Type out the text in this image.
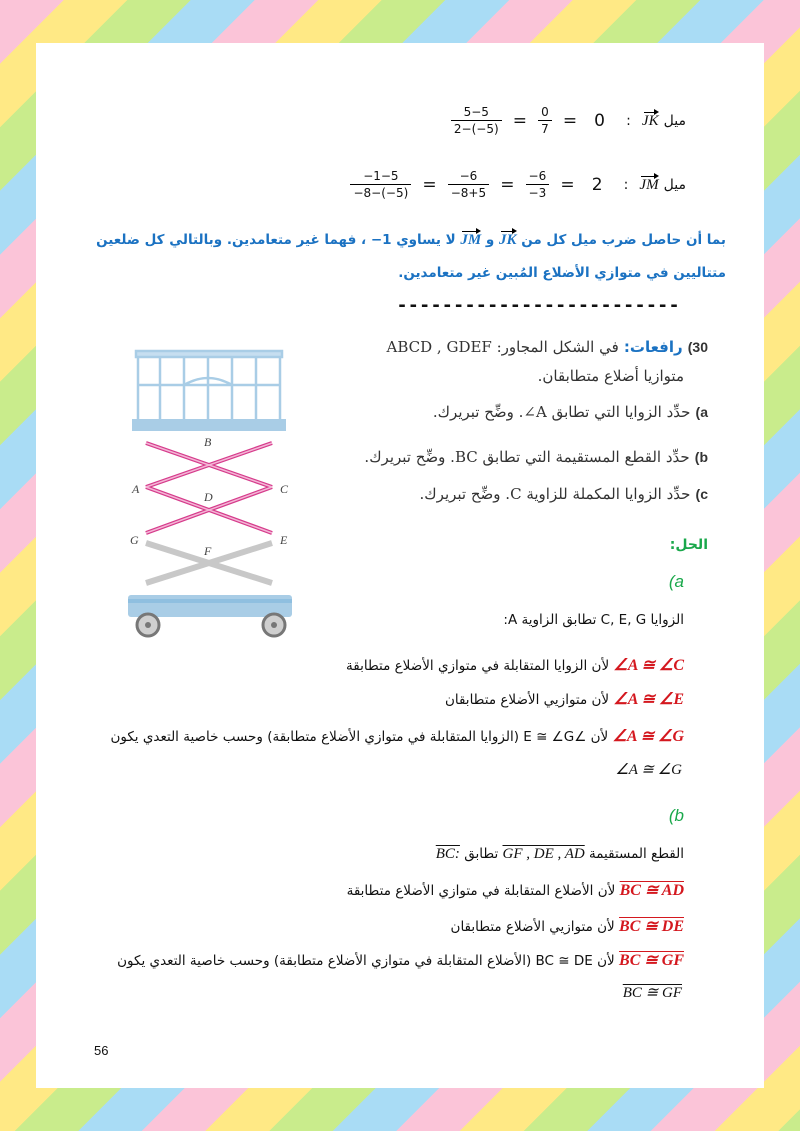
$\frac{5-5}{2-(-5)} = \frac{0}{7} = 0$ : JK ميل
$\frac{-1-5}{-8-(-5)} = \frac{-6}{-8+5} = \frac{-6}{-3} = 2$ : JM ميل
بما أن حاصل ضرب ميل كل من JK و JM لا يساوي 1− ، فهما غير متعامدين. وبالتالي كل ضلعين
متتاليين في متوازي الأضلاع المُبين غير متعامدين.
-------------------------
30) رافعات: في الشكل المجاور: ABCD , GDEF
متوازيا أضلاع متطابقان.
a) حدِّد الزوايا التي تطابق A∠. وضِّح تبريرك.
b) حدِّد القطع المستقيمة التي تطابق BC. وضِّح تبريرك.
c) حدِّد الزوايا المكملة للزاوية C. وضِّح تبريرك.
B
A	C
D
G	E
F	الحل:
(a
الزوايا C, E, G تطابق الزاوية A:
∠A ≅ ∠C لأن الزوايا المتقابلة في متوازي الأضلاع متطابقة
∠A ≅ ∠E لأن متوازيي الأضلاع متطابقان
∠A ≅ ∠G لأن ∠E ≅ ∠G (الزوايا المتقابلة في متوازي الأضلاع متطابقة) وحسب خاصية التعدي يكون
∠A ≅ ∠G
(b
القطع المستقيمة GF , DE , AD تطابق BC:
BC ≅ AD لأن الأضلاع المتقابلة في متوازي الأضلاع متطابقة
BC ≅ DE لأن متوازيي الأضلاع متطابقان
BC ≅ GF لأن BC ≅ DE (الأضلاع المتقابلة في متوازي الأضلاع متطابقة) وحسب خاصية التعدي يكون
BC ≅ GF
56
